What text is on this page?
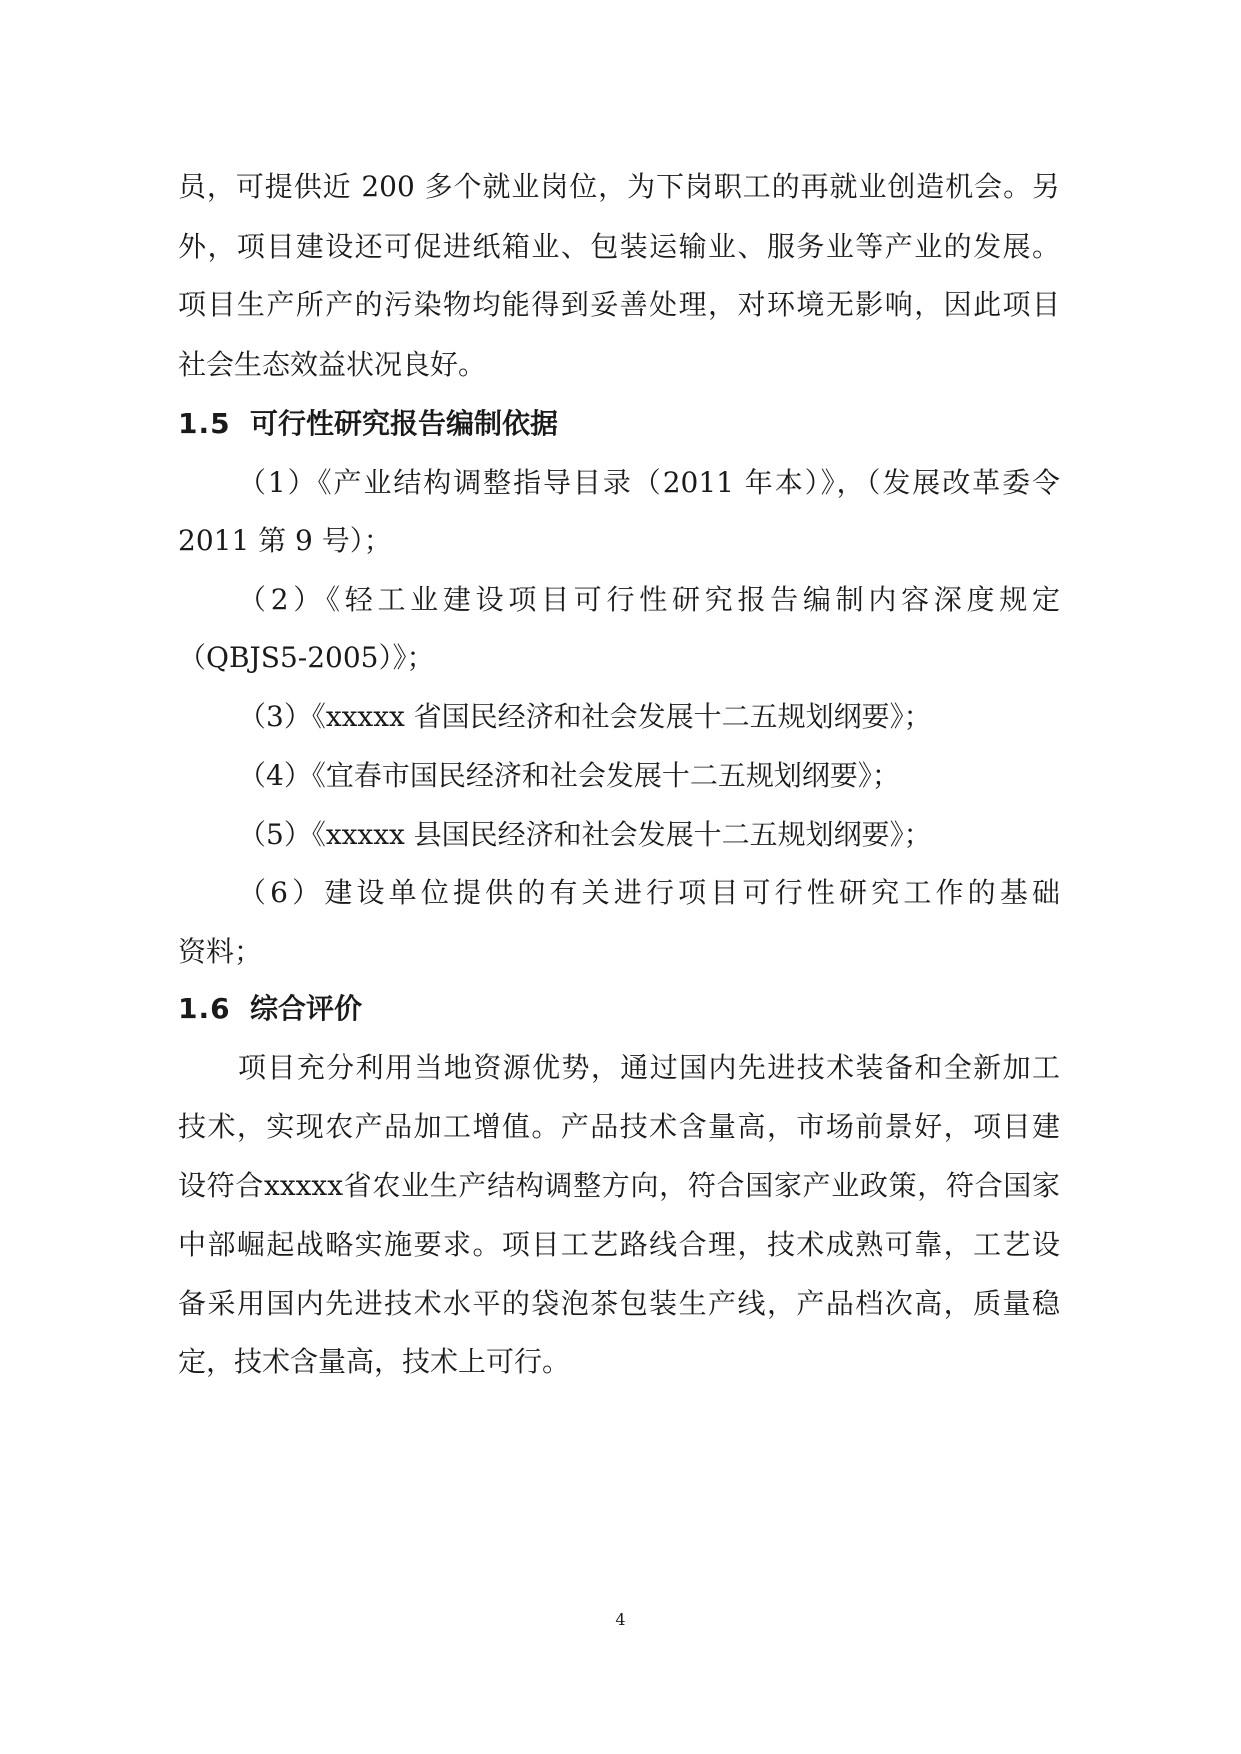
员，可提供近 200 多个就业岗位，为下岗职工的再就业创造机会。另
外，项目建设还可促进纸箱业、包装运输业、服务业等产业的发展。
项目生产所产的污染物均能得到妥善处理，对环境无影响，因此项目
社会生态效益状况良好。
1.5 可行性研究报告编制依据
（1）《产业结构调整指导目录（2011 年本）》，（发展改革委令
2011 第 9 号）；
（2）《轻工业建设项目可行性研究报告编制内容深度规定
（QBJS5-2005）》；
（3）《xxxxx 省国民经济和社会发展十二五规划纲要》；
（4）《宜春市国民经济和社会发展十二五规划纲要》；
（5）《xxxxx 县国民经济和社会发展十二五规划纲要》；
（6）建设单位提供的有关进行项目可行性研究工作的基础
资料；
1.6 综合评价
项目充分利用当地资源优势，通过国内先进技术装备和全新加工
技术，实现农产品加工增值。产品技术含量高，市场前景好，项目建
设符合xxxxx省农业生产结构调整方向，符合国家产业政策，符合国家
中部崛起战略实施要求。项目工艺路线合理，技术成熟可靠，工艺设
备采用国内先进技术水平的袋泡茶包装生产线，产品档次高，质量稳
定，技术含量高，技术上可行。
4
